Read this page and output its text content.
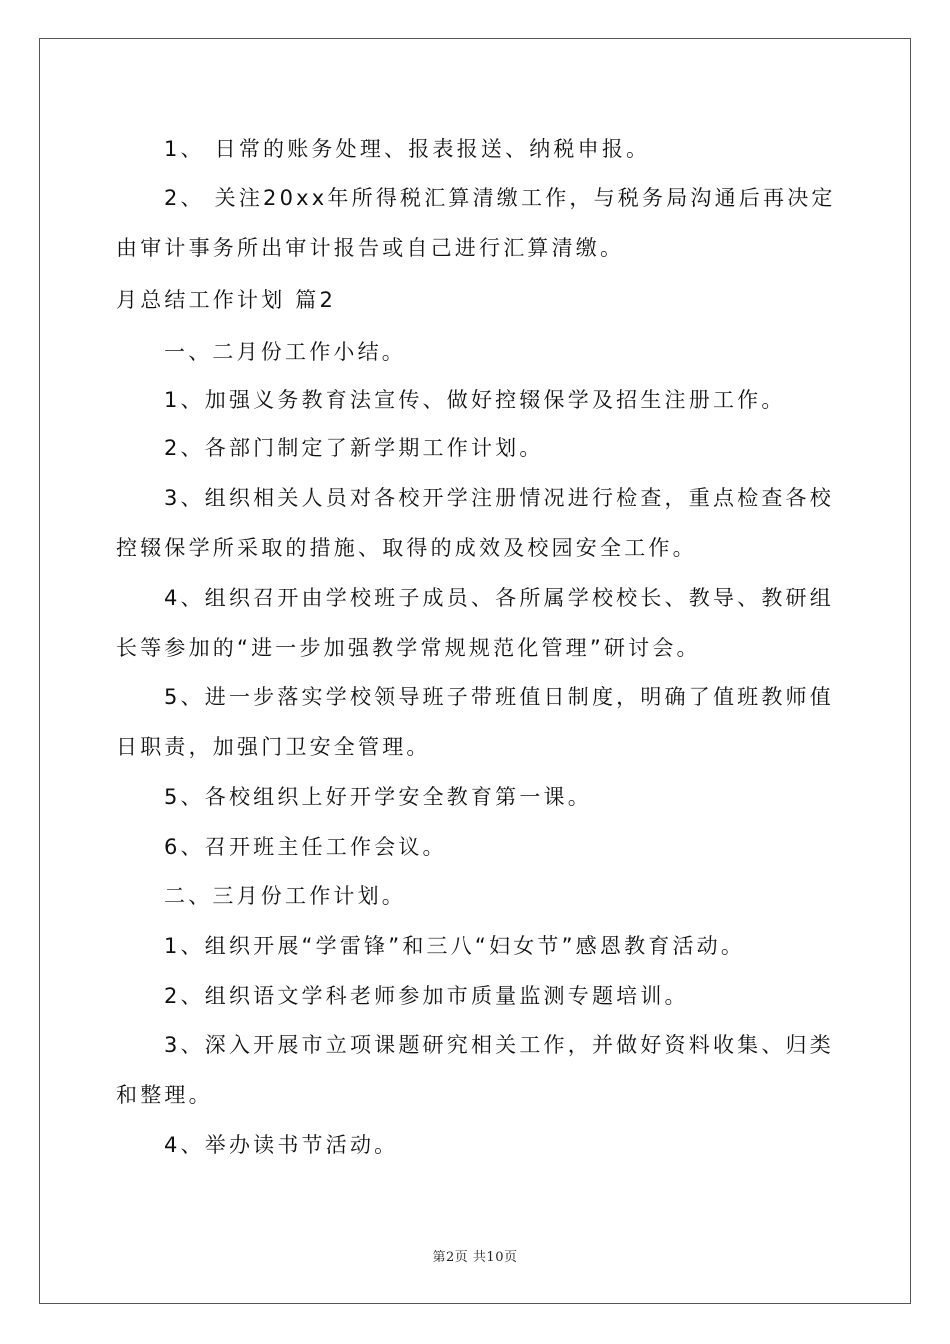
1、 日常的账务处理、报表报送、纳税申报。
2、 关注20xx年所得税汇算清缴工作，与税务局沟通后再决定
由审计事务所出审计报告或自己进行汇算清缴。
月总结工作计划 篇2
一、二月份工作小结。
1、加强义务教育法宣传、做好控辍保学及招生注册工作。
2、各部门制定了新学期工作计划。
3、组织相关人员对各校开学注册情况进行检查，重点检查各校
控辍保学所采取的措施、取得的成效及校园安全工作。
4、组织召开由学校班子成员、各所属学校校长、教导、教研组
长等参加的“进一步加强教学常规规范化管理”研讨会。
5、进一步落实学校领导班子带班值日制度，明确了值班教师值
日职责，加强门卫安全管理。
5、各校组织上好开学安全教育第一课。
6、召开班主任工作会议。
二、三月份工作计划。
1、组织开展“学雷锋”和三八“妇女节”感恩教育活动。
2、组织语文学科老师参加市质量监测专题培训。
3、深入开展市立项课题研究相关工作，并做好资料收集、归类
和整理。
4、举办读书节活动。
第2页 共10页
